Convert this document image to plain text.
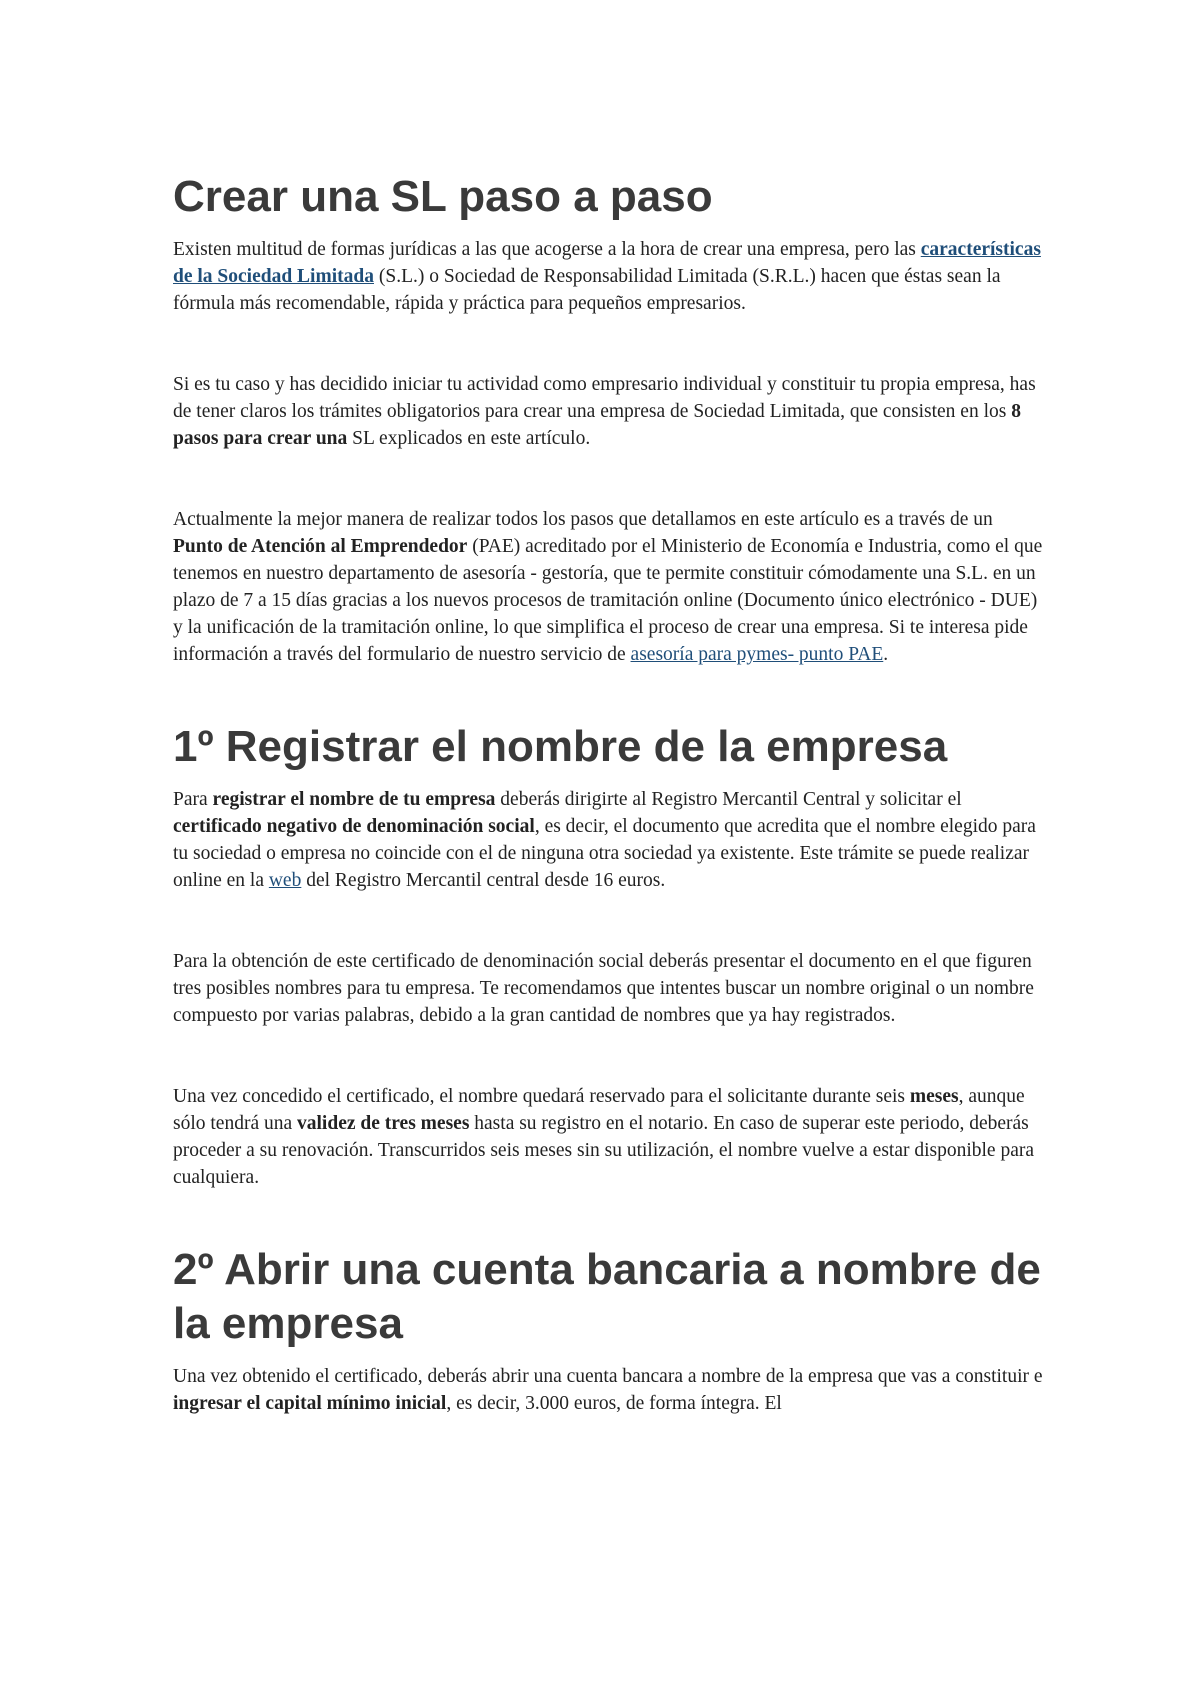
Crear una SL paso a paso

Existen multitud de formas jurídicas a las que acogerse a la hora de crear una empresa, pero las características de la Sociedad Limitada (S.L.) o Sociedad de Responsabilidad Limitada (S.R.L.) hacen que éstas sean la fórmula más recomendable, rápida y práctica para pequeños empresarios.

Si es tu caso y has decidido iniciar tu actividad como empresario individual y constituir tu propia empresa, has de tener claros los trámites obligatorios para crear una empresa de Sociedad Limitada, que consisten en los 8 pasos para crear una SL explicados en este artículo.

Actualmente la mejor manera de realizar todos los pasos que detallamos en este artículo es a través de un Punto de Atención al Emprendedor (PAE) acreditado por el Ministerio de Economía e Industria, como el que tenemos en nuestro departamento de asesoría - gestoría, que te permite constituir cómodamente una S.L. en un plazo de 7 a 15 días gracias a los nuevos procesos de tramitación online (Documento único electrónico - DUE) y la unificación de la tramitación online, lo que simplifica el proceso de crear una empresa. Si te interesa pide información a través del formulario de nuestro servicio de asesoría para pymes- punto PAE.

1º Registrar el nombre de la empresa

Para registrar el nombre de tu empresa deberás dirigirte al Registro Mercantil Central y solicitar el certificado negativo de denominación social, es decir, el documento que acredita que el nombre elegido para tu sociedad o empresa no coincide con el de ninguna otra sociedad ya existente. Este trámite se puede realizar online en la web del Registro Mercantil central desde 16 euros.

Para la obtención de este certificado de denominación social deberás presentar el documento en el que figuren tres posibles nombres para tu empresa. Te recomendamos que intentes buscar un nombre original o un nombre compuesto por varias palabras, debido a la gran cantidad de nombres que ya hay registrados.

Una vez concedido el certificado, el nombre quedará reservado para el solicitante durante seis meses, aunque sólo tendrá una validez de tres meses hasta su registro en el notario. En caso de superar este periodo, deberás proceder a su renovación. Transcurridos seis meses sin su utilización, el nombre vuelve a estar disponible para cualquiera.

2º Abrir una cuenta bancaria a nombre de la empresa

Una vez obtenido el certificado, deberás abrir una cuenta bancara a nombre de la empresa que vas a constituir e ingresar el capital mínimo inicial, es decir, 3.000 euros, de forma íntegra. El
